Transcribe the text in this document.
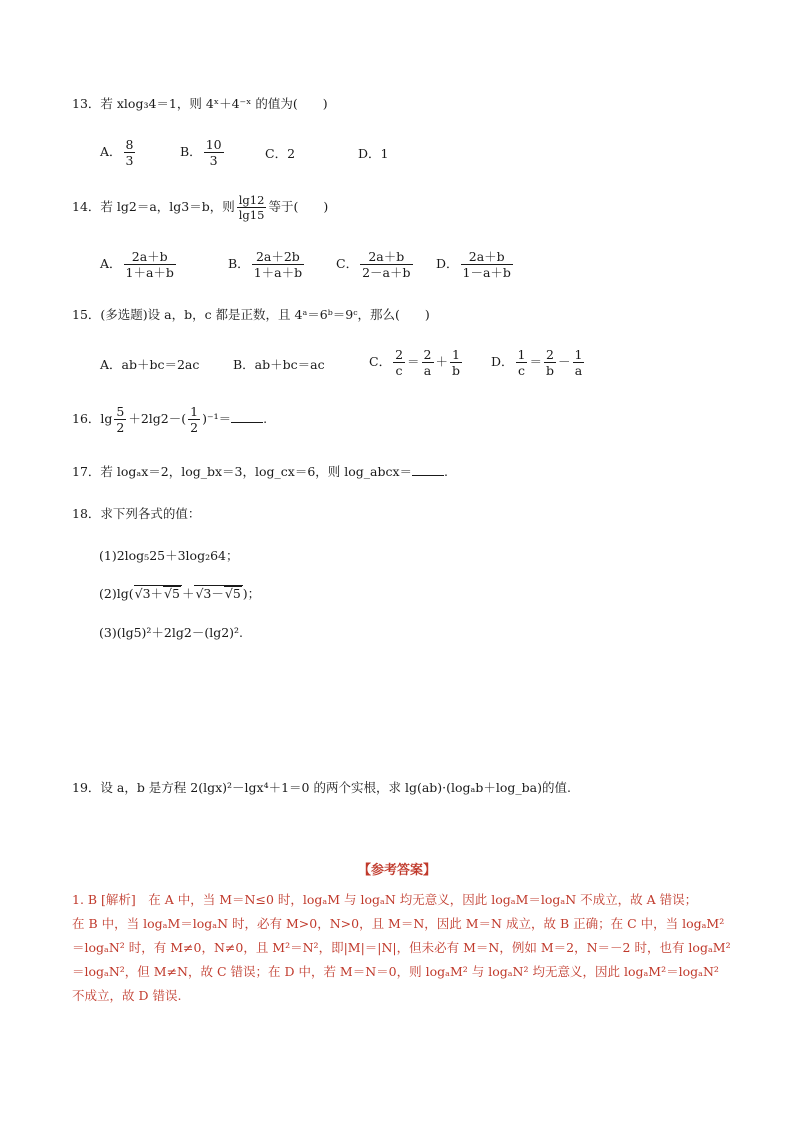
13．若 xlog₃4＝1，则 4ˣ＋4⁻ˣ 的值为(　　)
A． $\frac{8}{3}$	B． $\frac{10}{3}$	C．2	D．1
14．若 lg2＝a，lg3＝b，则 $\frac{\lg 12}{\lg 15}$ 等于(　　)
A． $\frac{2a+b}{1+a+b}$	B． $\frac{2a+2b}{1+a+b}$	C． $\frac{2a+b}{2-a+b}$ D． $\frac{2a+b}{1-a+b}$
15．(多选题)设 a，b，c 都是正数，且 4ᵃ＝6ᵇ＝9ᶜ，那么(　　)
A．ab＋bc＝2ac	B．ab＋bc＝ac	C． $\frac{2}{c} = \frac{2}{a} + \frac{1}{b}$ D． $\frac{1}{c} = \frac{2}{b} - \frac{1}{a}$
16．$\lg \frac{5}{2} +2\lg 2-( \frac{1}{2} )^{-1}=$	.
17．若 logₐx＝2，log_bx＝3，log_cx＝6，则 log_abcx＝	.
18．求下列各式的值：
(1)2log₅25＋3log₂64；
(2)lg(√3＋√5 ＋√3－√5 )；
(3)(lg5)²＋2lg2－(lg2)².
19．设 a，b 是方程 2(lgx)²－lgx⁴＋1＝0 的两个实根，求 lg(ab)·(logₐb＋log_ba)的值.
【参考答案】
1. B [解析]　在 A 中，当 M＝N≤0 时，logₐM 与 logₐN 均无意义，因此 logₐM＝logₐN 不成立，故 A 错误；
在 B 中，当 logₐM＝logₐN 时，必有 M>0，N>0，且 M＝N，因此 M＝N 成立，故 B 正确；在 C 中，当 logₐM²
＝logₐN² 时，有 M≠0，N≠0，且 M²＝N²，即|M|＝|N|，但未必有 M＝N，例如 M＝2，N＝－2 时，也有 logₐM²
＝logₐN²，但 M≠N，故 C 错误；在 D 中，若 M＝N＝0，则 logₐM² 与 logₐN² 均无意义，因此 logₐM²＝logₐN²
不成立，故 D 错误.
